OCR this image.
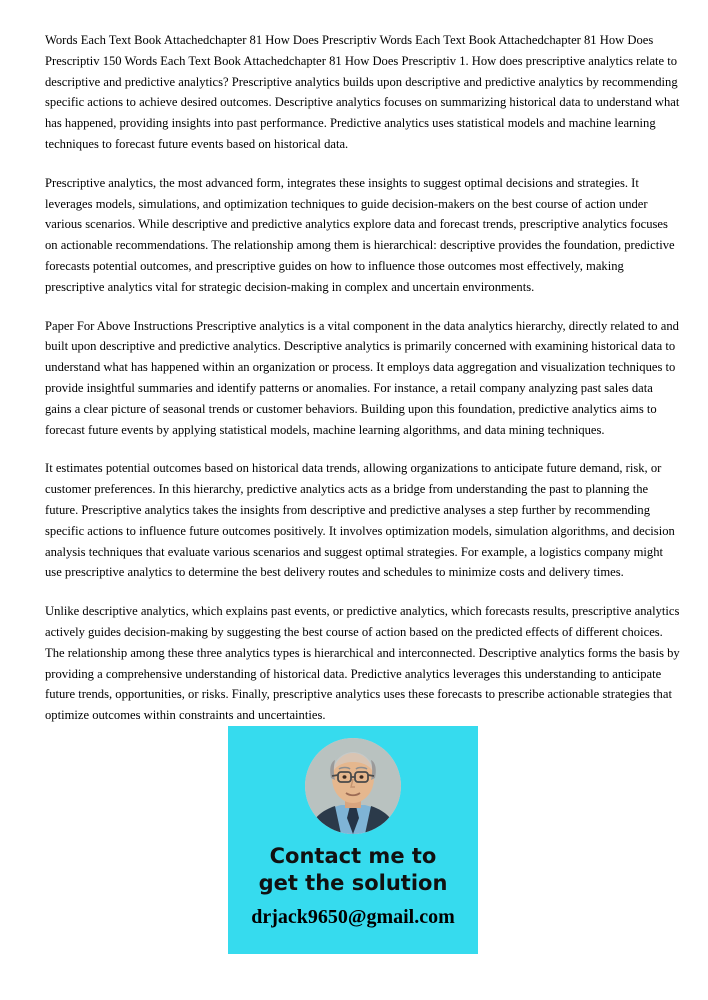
Words Each Text Book Attachedchapter 81 How Does Prescriptiv Words Each Text Book Attachedchapter 81 How Does Prescriptiv 150 Words Each Text Book Attachedchapter 81 How Does Prescriptiv 1. How does prescriptive analytics relate to descriptive and predictive analytics? Prescriptive analytics builds upon descriptive and predictive analytics by recommending specific actions to achieve desired outcomes. Descriptive analytics focuses on summarizing historical data to understand what has happened, providing insights into past performance. Predictive analytics uses statistical models and machine learning techniques to forecast future events based on historical data.

Prescriptive analytics, the most advanced form, integrates these insights to suggest optimal decisions and strategies. It leverages models, simulations, and optimization techniques to guide decision-makers on the best course of action under various scenarios. While descriptive and predictive analytics explore data and forecast trends, prescriptive analytics focuses on actionable recommendations. The relationship among them is hierarchical: descriptive provides the foundation, predictive forecasts potential outcomes, and prescriptive guides on how to influence those outcomes most effectively, making prescriptive analytics vital for strategic decision-making in complex and uncertain environments.

Paper For Above Instructions Prescriptive analytics is a vital component in the data analytics hierarchy, directly related to and built upon descriptive and predictive analytics. Descriptive analytics is primarily concerned with examining historical data to understand what has happened within an organization or process. It employs data aggregation and visualization techniques to provide insightful summaries and identify patterns or anomalies. For instance, a retail company analyzing past sales data gains a clear picture of seasonal trends or customer behaviors. Building upon this foundation, predictive analytics aims to forecast future events by applying statistical models, machine learning algorithms, and data mining techniques.

It estimates potential outcomes based on historical data trends, allowing organizations to anticipate future demand, risk, or customer preferences. In this hierarchy, predictive analytics acts as a bridge from understanding the past to planning the future. Prescriptive analytics takes the insights from descriptive and predictive analyses a step further by recommending specific actions to influence future outcomes positively. It involves optimization models, simulation algorithms, and decision analysis techniques that evaluate various scenarios and suggest optimal strategies. For example, a logistics company might use prescriptive analytics to determine the best delivery routes and schedules to minimize costs and delivery times.

Unlike descriptive analytics, which explains past events, or predictive analytics, which forecasts results, prescriptive analytics actively guides decision-making by suggesting the best course of action based on the predicted effects of different choices. The relationship among these three analytics types is hierarchical and interconnected. Descriptive analytics forms the basis by providing a comprehensive understanding of historical data. Predictive analytics leverages this understanding to anticipate future trends, opportunities, or risks. Finally, prescriptive analytics uses these forecasts to prescribe actionable strategies that optimize outcomes within constraints and uncertainties.

Contact me to
get the solution
drjack9650@gmail.com
